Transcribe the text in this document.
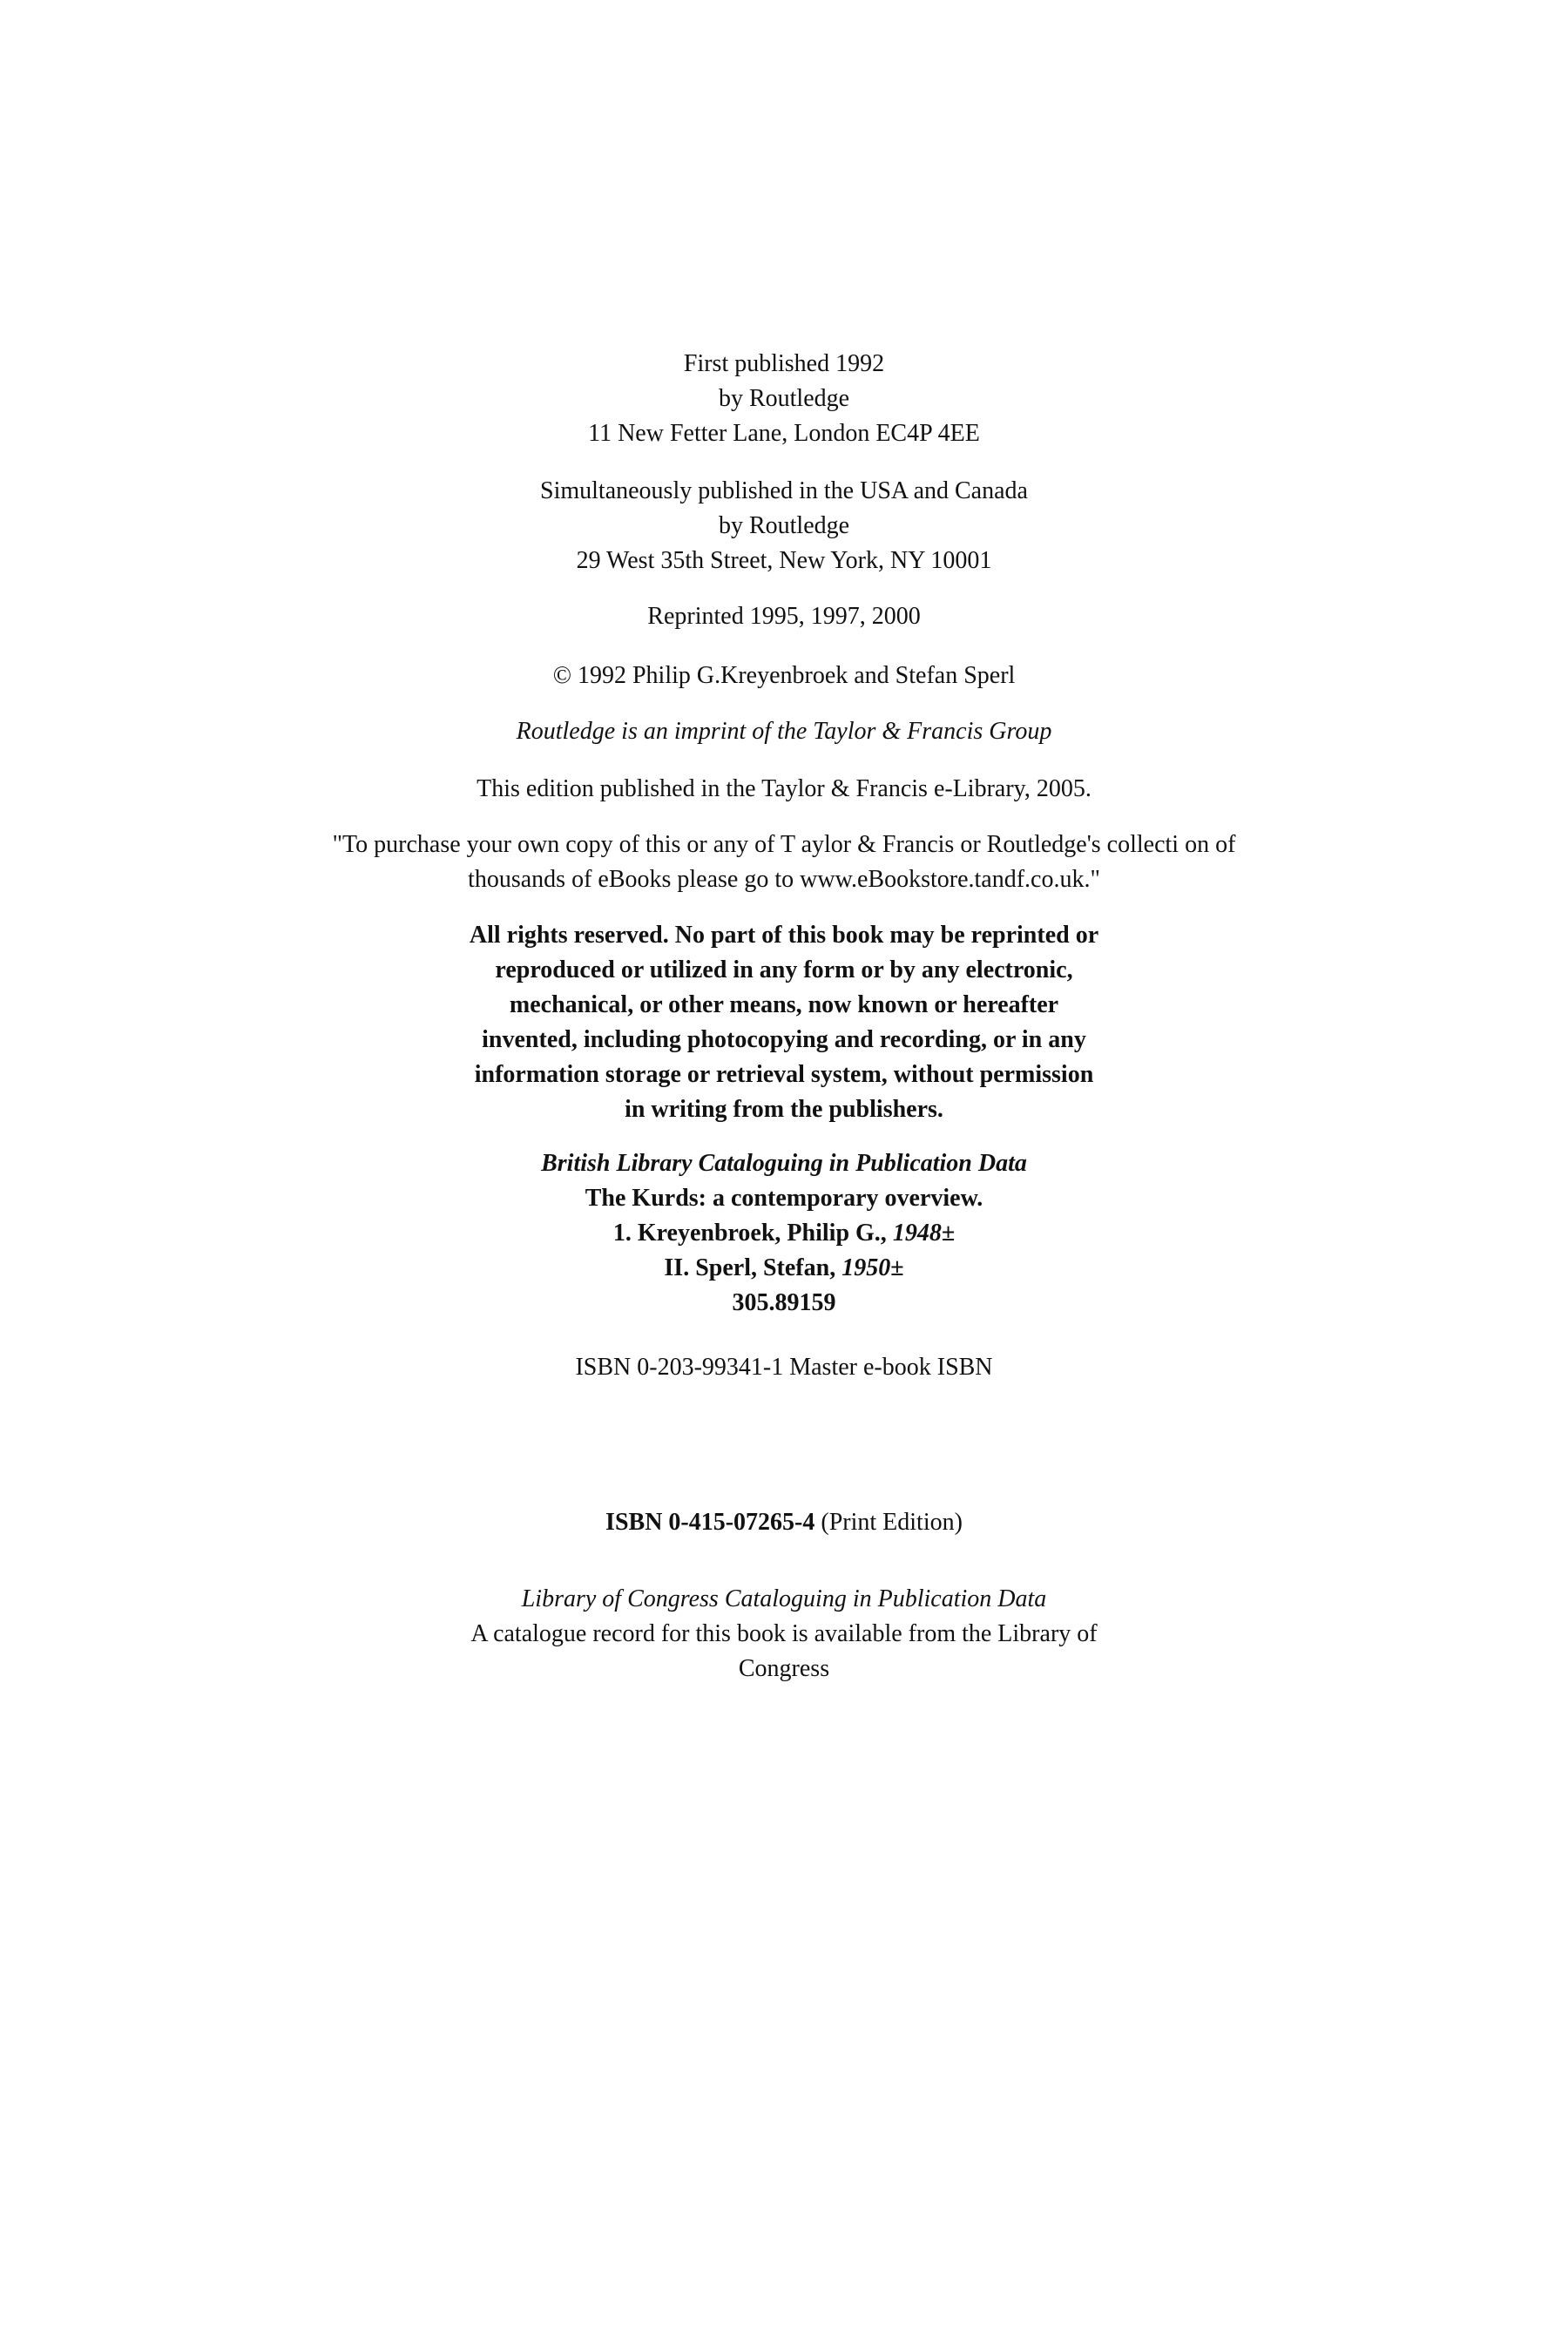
First published 1992
by Routledge
11 New Fetter Lane, London EC4P 4EE
Simultaneously published in the USA and Canada
by Routledge
29 West 35th Street, New York, NY 10001
Reprinted 1995, 1997, 2000
© 1992 Philip G.Kreyenbroek and Stefan Sperl
Routledge is an imprint of the Taylor & Francis Group
This edition published in the Taylor & Francis e-Library, 2005.
"To purchase your own copy of this or any of T aylor & Francis or Routledge's collecti on of
thousands of eBooks please go to www.eBookstore.tandf.co.uk."
All rights reserved. No part of this book may be reprinted or
reproduced or utilized in any form or by any electronic,
mechanical, or other means, now known or hereafter
invented, including photocopying and recording, or in any
information storage or retrieval system, without permission
in writing from the publishers.
British Library Cataloguing in Publication Data
The Kurds: a contemporary overview.
1. Kreyenbroek, Philip G., 1948±
II. Sperl, Stefan, 1950±
305.89159
ISBN 0-203-99341-1 Master e-book ISBN
ISBN 0-415-07265-4 (Print Edition)
Library of Congress Cataloguing in Publication Data
A catalogue record for this book is available from the Library of
Congress
